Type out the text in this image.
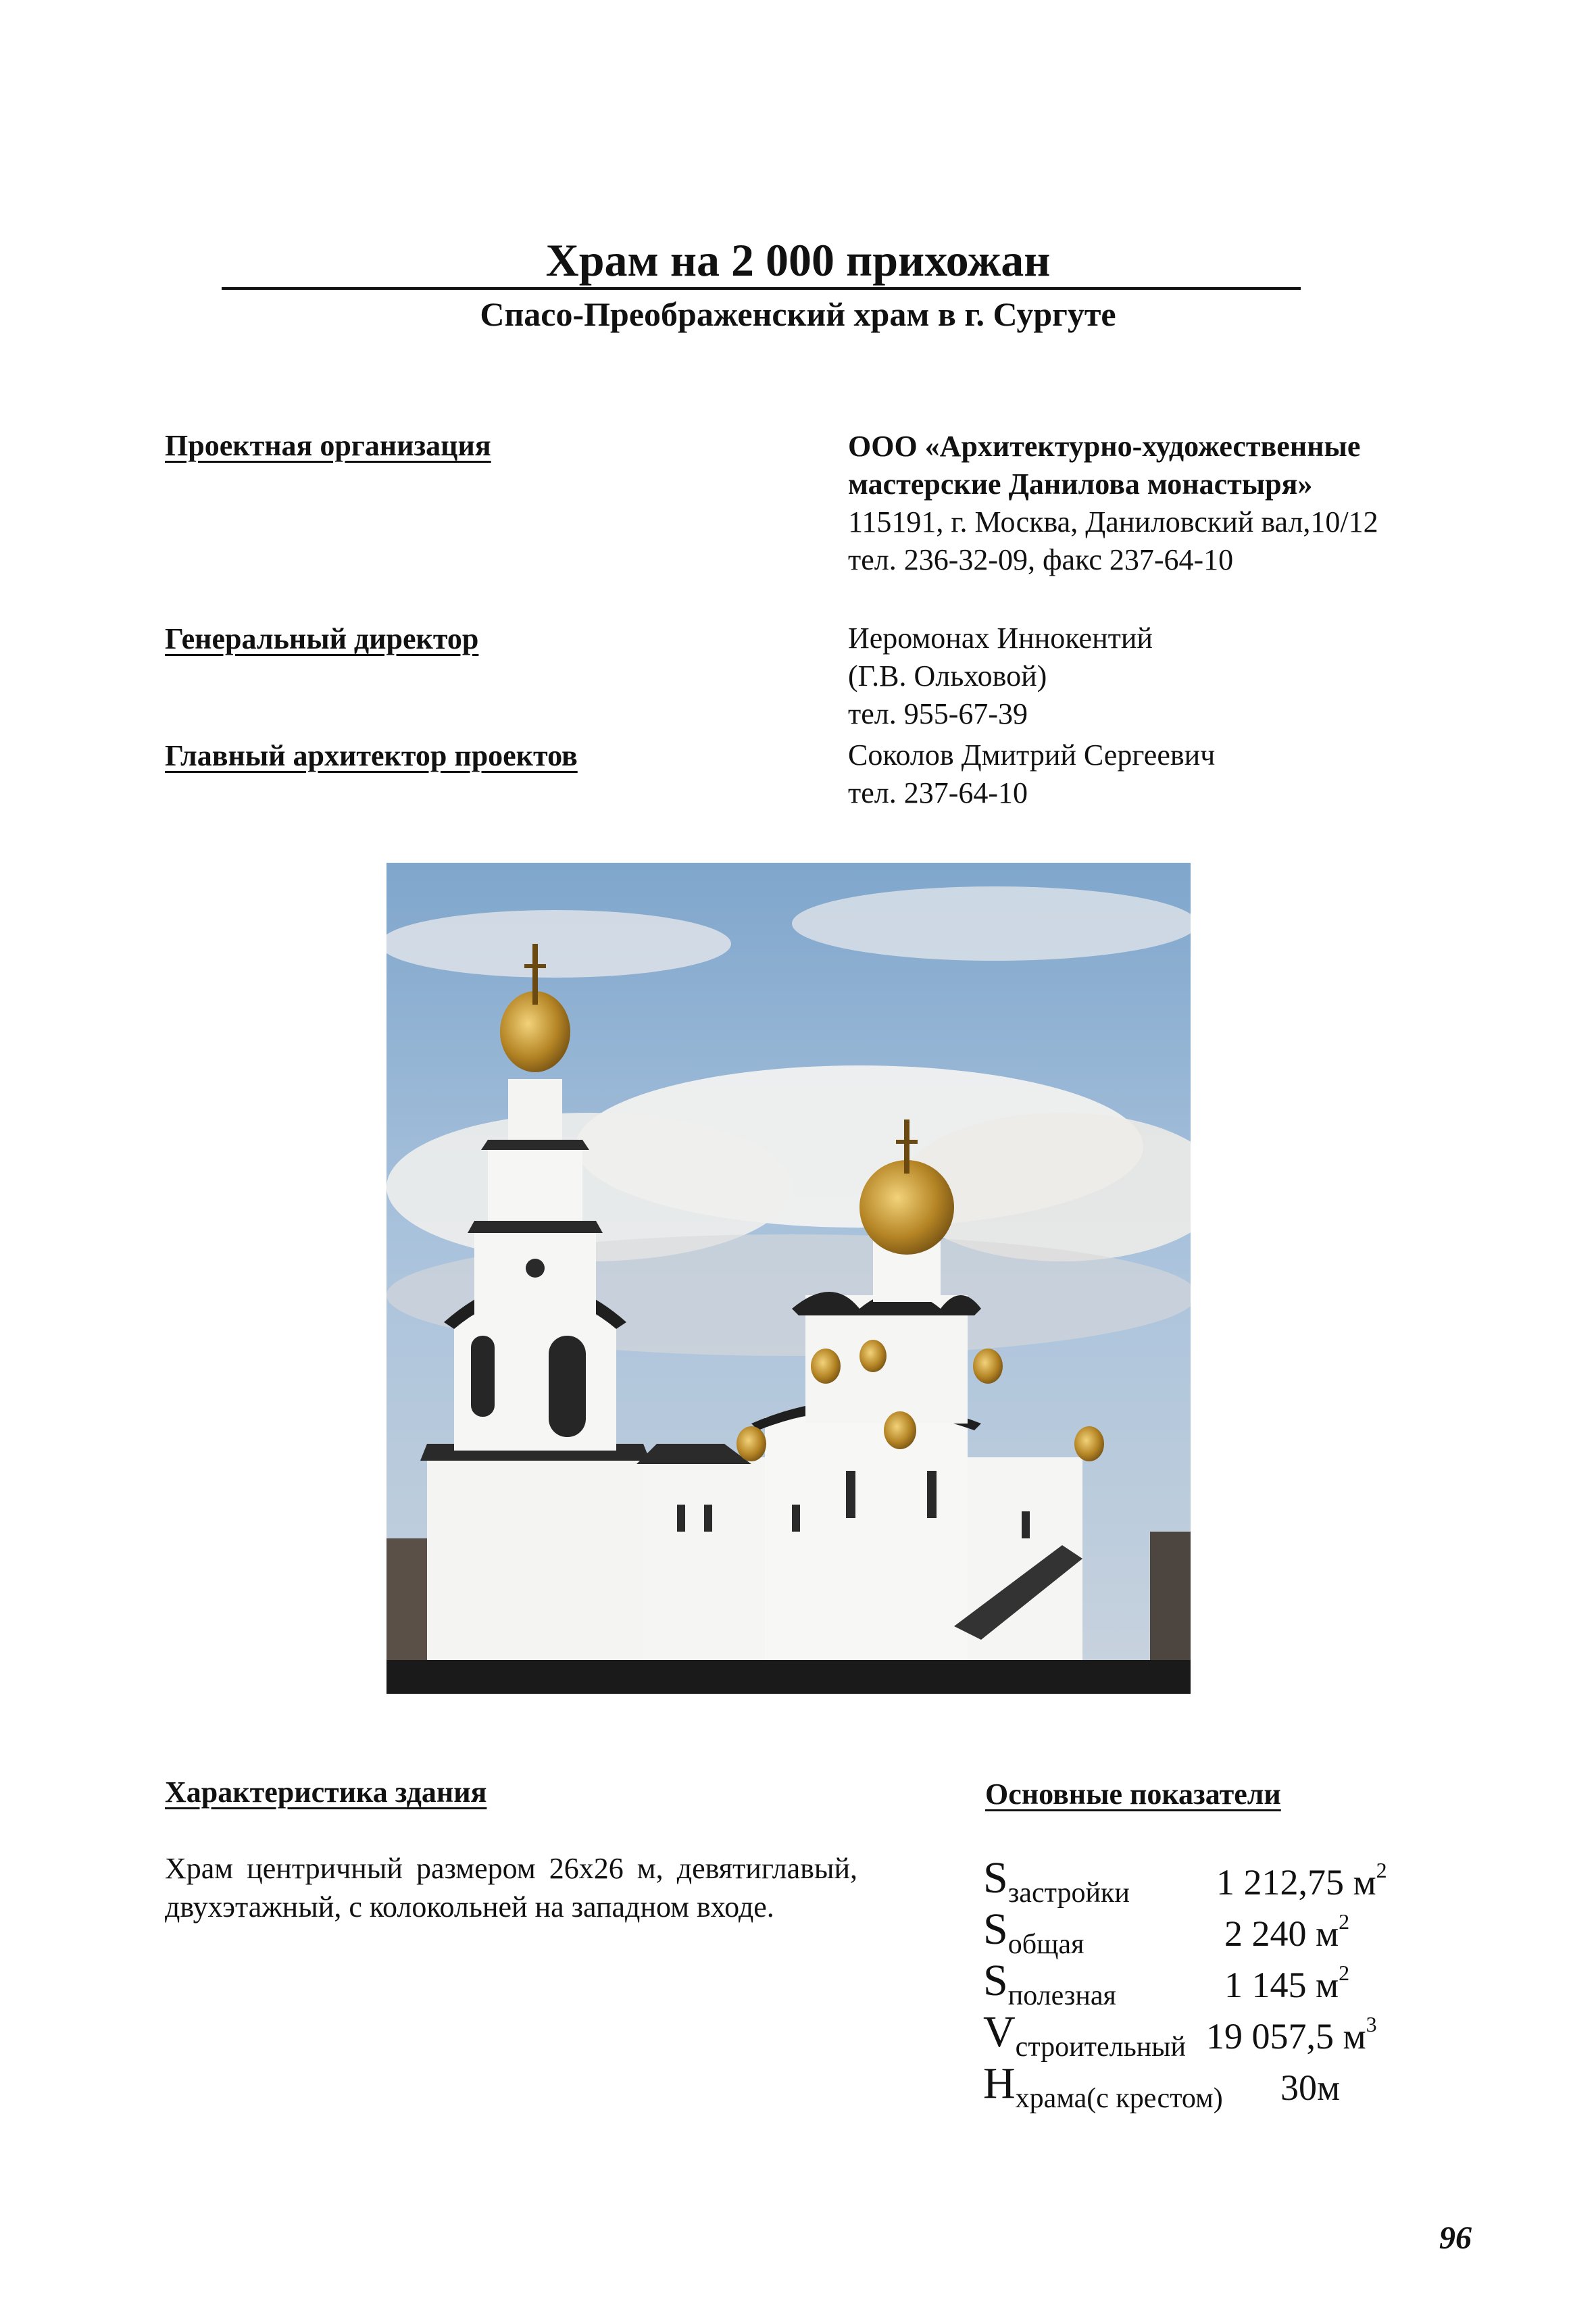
Храм на 2 000 прихожан
Спасо-Преображенский храм в г. Сургуте
Проектная организация	ООО «Архитектурно-художественные
мастерские Данилова монастыря»
115191, г. Москва, Даниловский вал,10/12
тел. 236-32-09, факс 237-64-10
Генеральный директор	Иеромонах Иннокентий
(Г.В. Ольховой)
тел. 955-67-39
Главный архитектор проектов	Соколов Дмитрий Сергеевич
тел. 237-64-10
Характеристика здания

Храм центричный размером 26х26 м, девятиглавый, двухэтажный, с колокольней на западном входе.

Основные показатели
Sзастройки 1 212,75 $м^2$
Sобщая	2 240 $м^2$
Sполезная	1 145 $м^2$
Vстроительный 19 057,5 $м^3$
Hхрама(с крестом) 30м
96
